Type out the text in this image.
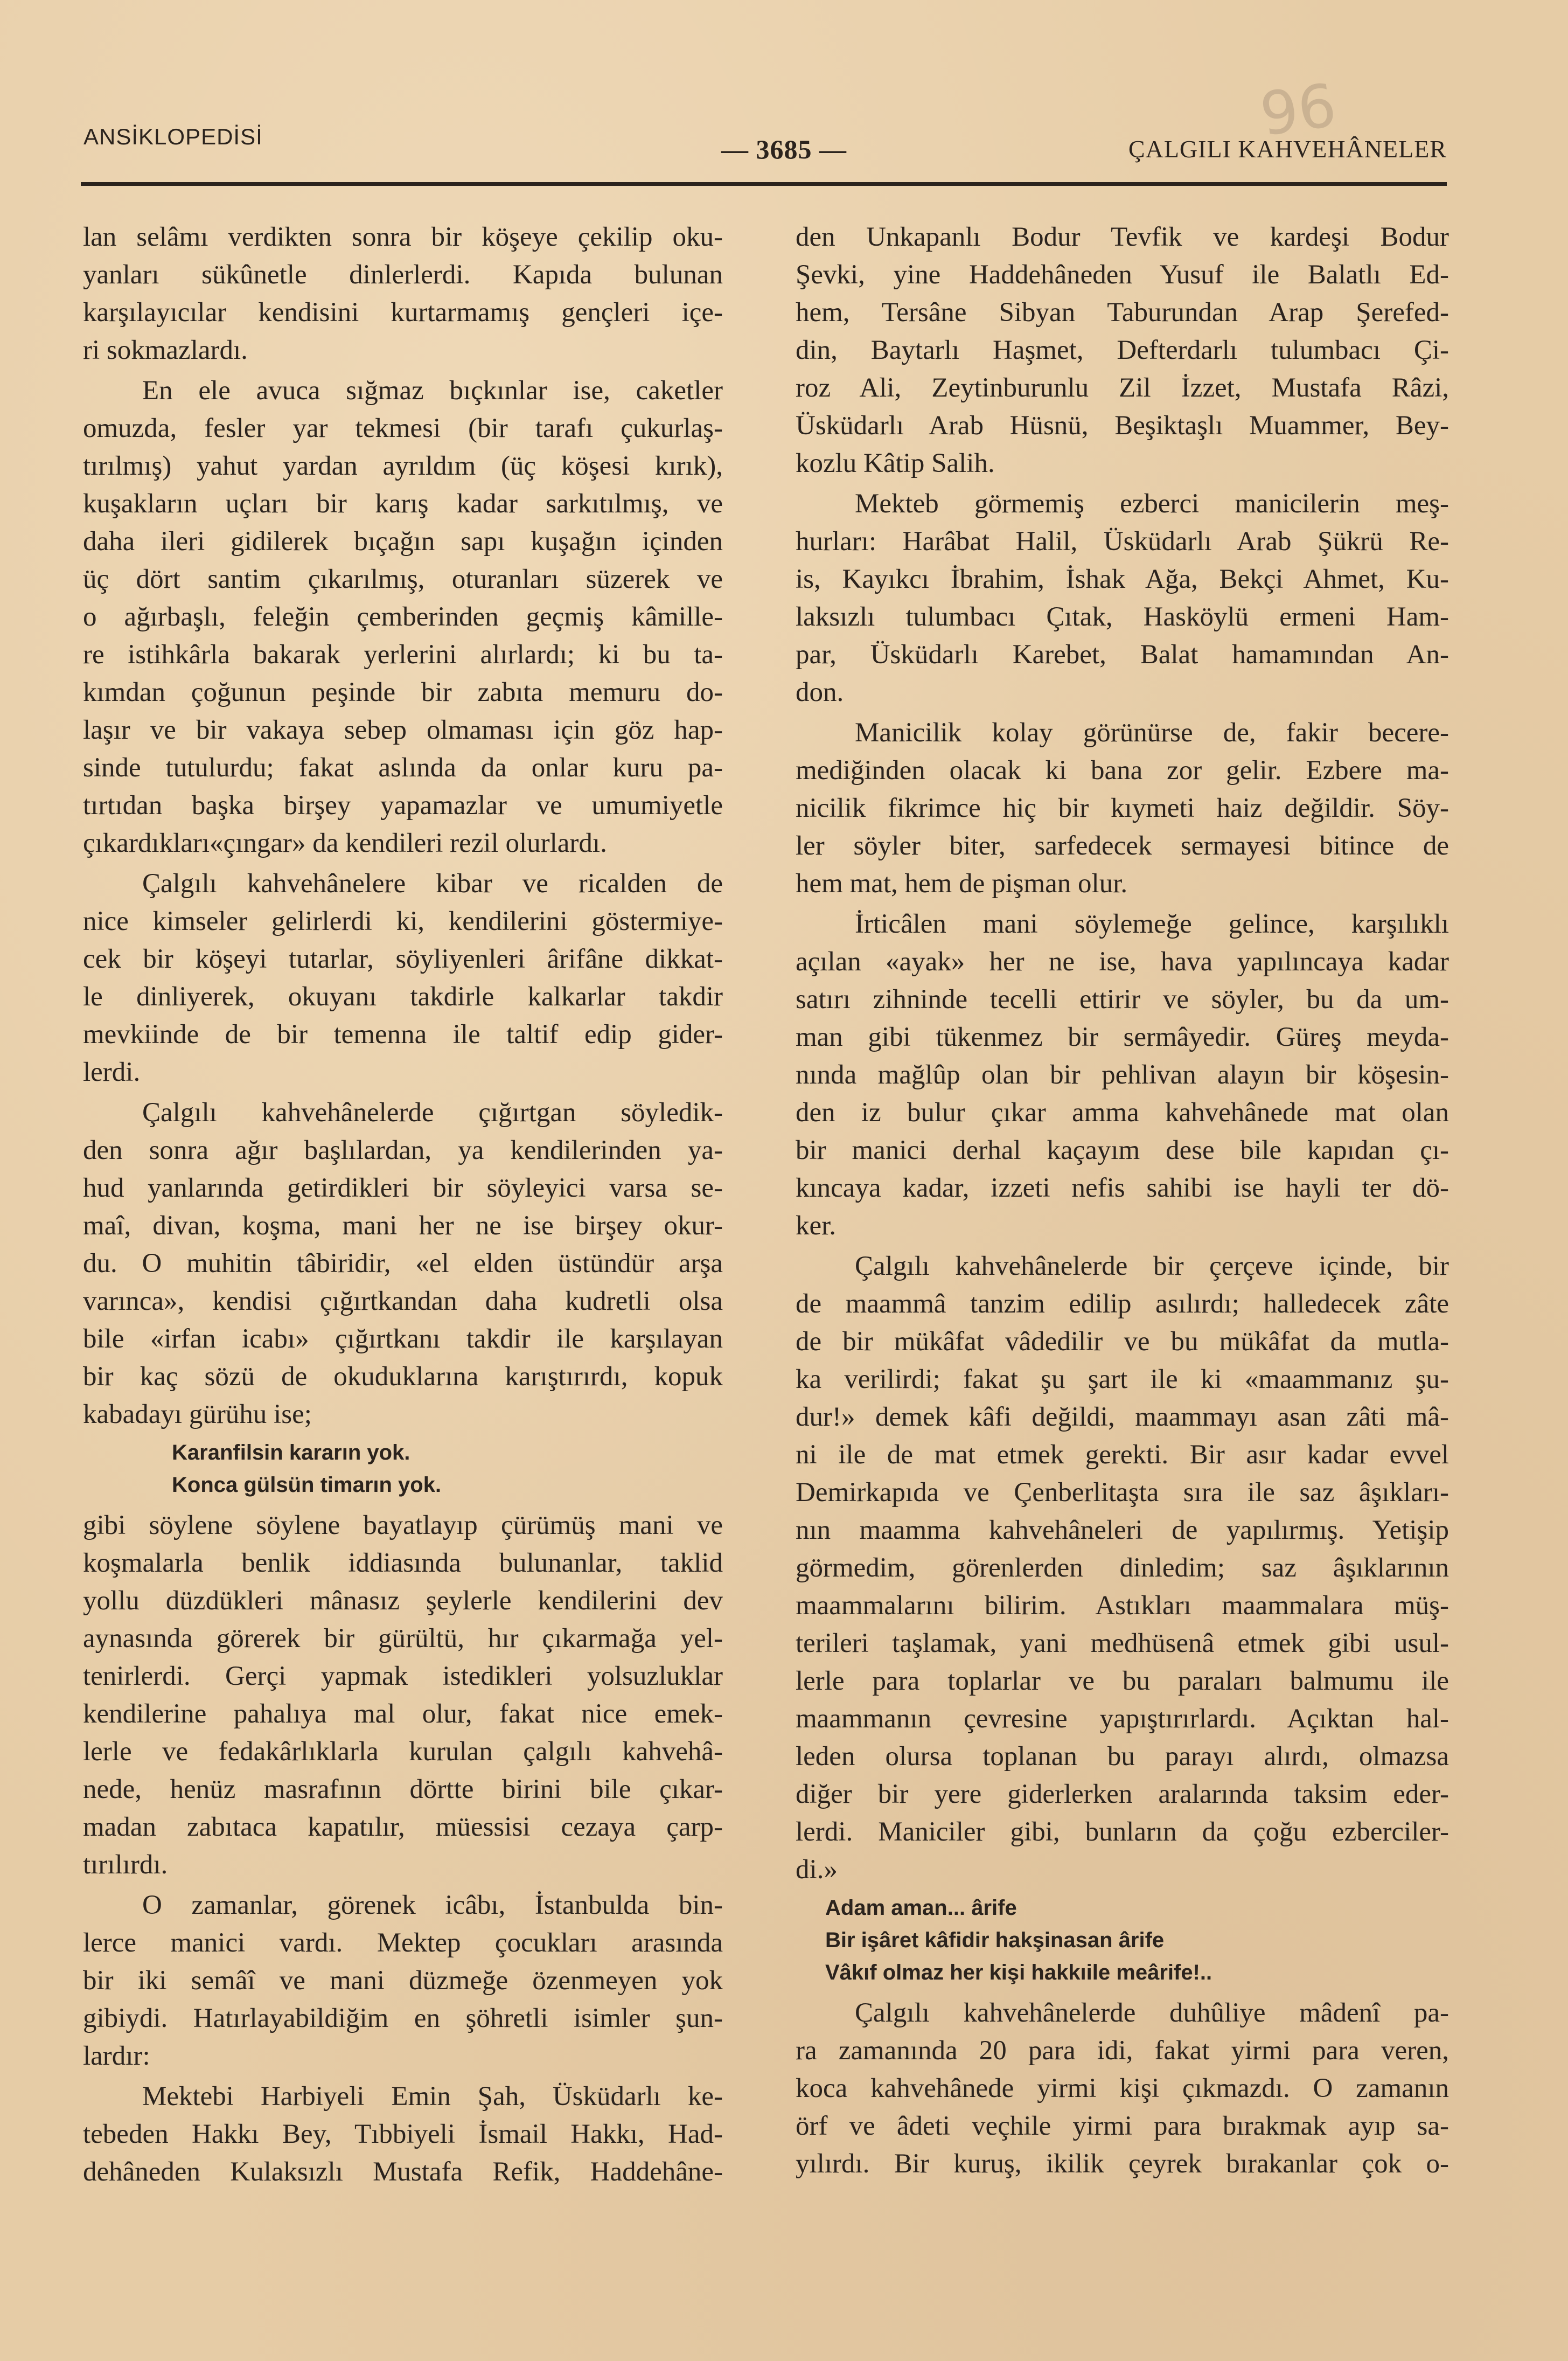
ANSİKLOPEDİSİ	— 3685 —	ÇALGILI KAHVEHÂNELER
96
lan selâmı verdikten sonra bir köşeye çekilip oku-
yanları sükûnetle dinlerlerdi. Kapıda bulunan
karşılayıcılar kendisini kurtarmamış gençleri içe-
ri sokmazlardı.
En ele avuca sığmaz bıçkınlar ise, caketler
omuzda, fesler yar tekmesi (bir tarafı çukurlaş-
tırılmış) yahut yardan ayrıldım (üç köşesi kırık),
kuşakların uçları bir karış kadar sarkıtılmış, ve
daha ileri gidilerek bıçağın sapı kuşağın içinden
üç dört santim çıkarılmış, oturanları süzerek ve
o ağırbaşlı, feleğin çemberinden geçmiş kâmille-
re istihkârla bakarak yerlerini alırlardı; ki bu ta-
kımdan çoğunun peşinde bir zabıta memuru do-
laşır ve bir vakaya sebep olmaması için göz hap-
sinde tutulurdu; fakat aslında da onlar kuru pa-
tırtıdan başka birşey yapamazlar ve umumiyetle
çıkardıkları«çıngar» da kendileri rezil olurlardı.
Çalgılı kahvehânelere kibar ve ricalden de
nice kimseler gelirlerdi ki, kendilerini göstermiye-
cek bir köşeyi tutarlar, söyliyenleri ârifâne dikkat-
le dinliyerek, okuyanı takdirle kalkarlar takdir
mevkiinde de bir temenna ile taltif edip gider-
lerdi.
Çalgılı kahvehânelerde çığırtgan söyledik-
den sonra ağır başlılardan, ya kendilerinden ya-
hud yanlarında getirdikleri bir söyleyici varsa se-
maî, divan, koşma, mani her ne ise birşey okur-
du. O muhitin tâbiridir, «el elden üstündür arşa
varınca», kendisi çığırtkandan daha kudretli olsa
bile «irfan icabı» çığırtkanı takdir ile karşılayan
bir kaç sözü de okuduklarına karıştırırdı, kopuk
kabadayı gürühu ise;
Karanfilsin kararın yok.
Konca gülsün timarın yok.
gibi söylene söylene bayatlayıp çürümüş mani ve
koşmalarla benlik iddiasında bulunanlar, taklid
yollu düzdükleri mânasız şeylerle kendilerini dev
aynasında görerek bir gürültü, hır çıkarmağa yel-
tenirlerdi. Gerçi yapmak istedikleri yolsuzluklar
kendilerine pahalıya mal olur, fakat nice emek-
lerle ve fedakârlıklarla kurulan çalgılı kahvehâ-
nede, henüz masrafının dörtte birini bile çıkar-
madan zabıtaca kapatılır, müessisi cezaya çarp-
tırılırdı.
O zamanlar, görenek icâbı, İstanbulda bin-
lerce manici vardı. Mektep çocukları arasında
bir iki semâî ve mani düzmeğe özenmeyen yok
gibiydi. Hatırlayabildiğim en şöhretli isimler şun-
lardır:
Mektebi Harbiyeli Emin Şah, Üsküdarlı ke-
tebeden Hakkı Bey, Tıbbiyeli İsmail Hakkı, Had-
dehâneden Kulaksızlı Mustafa Refik, Haddehâne-
den Unkapanlı Bodur Tevfik ve kardeşi Bodur
Şevki, yine Haddehâneden Yusuf ile Balatlı Ed-
hem, Tersâne Sibyan Taburundan Arap Şerefed-
din, Baytarlı Haşmet, Defterdarlı tulumbacı Çi-
roz Ali, Zeytinburunlu Zil İzzet, Mustafa Râzi,
Üsküdarlı Arab Hüsnü, Beşiktaşlı Muammer, Bey-
kozlu Kâtip Salih.
Mekteb görmemiş ezberci manicilerin meş-
hurları: Harâbat Halil, Üsküdarlı Arab Şükrü Re-
is, Kayıkcı İbrahim, İshak Ağa, Bekçi Ahmet, Ku-
laksızlı tulumbacı Çıtak, Hasköylü ermeni Ham-
par, Üsküdarlı Karebet, Balat hamamından An-
don.
Manicilik kolay görünürse de, fakir becere-
mediğinden olacak ki bana zor gelir. Ezbere ma-
nicilik fikrimce hiç bir kıymeti haiz değildir. Söy-
ler söyler biter, sarfedecek sermayesi bitince de
hem mat, hem de pişman olur.
İrticâlen mani söylemeğe gelince, karşılıklı
açılan «ayak» her ne ise, hava yapılıncaya kadar
satırı zihninde tecelli ettirir ve söyler, bu da um-
man gibi tükenmez bir sermâyedir. Güreş meyda-
nında mağlûp olan bir pehlivan alayın bir köşesin-
den iz bulur çıkar amma kahvehânede mat olan
bir manici derhal kaçayım dese bile kapıdan çı-
kıncaya kadar, izzeti nefis sahibi ise hayli ter dö-
ker.
Çalgılı kahvehânelerde bir çerçeve içinde, bir
de maammâ tanzim edilip asılırdı; halledecek zâte
de bir mükâfat vâdedilir ve bu mükâfat da mutla-
ka verilirdi; fakat şu şart ile ki «maammanız şu-
dur!» demek kâfi değildi, maammayı asan zâti mâ-
ni ile de mat etmek gerekti. Bir asır kadar evvel
Demirkapıda ve Çenberlitaşta sıra ile saz âşıkları-
nın maamma kahvehâneleri de yapılırmış. Yetişip
görmedim, görenlerden dinledim; saz âşıklarının
maammalarını bilirim. Astıkları maammalara müş-
terileri taşlamak, yani medhüsenâ etmek gibi usul-
lerle para toplarlar ve bu paraları balmumu ile
maammanın çevresine yapıştırırlardı. Açıktan hal-
leden olursa toplanan bu parayı alırdı, olmazsa
diğer bir yere giderlerken aralarında taksim eder-
lerdi. Maniciler gibi, bunların da çoğu ezberciler-
di.»
Adam aman... ârife
Bir işâret kâfidir hakşinasan ârife
Vâkıf olmaz her kişi hakkıile meârife!..
Çalgılı kahvehânelerde duhûliye mâdenî pa-
ra zamanında 20 para idi, fakat yirmi para veren,
koca kahvehânede yirmi kişi çıkmazdı. O zamanın
örf ve âdeti veçhile yirmi para bırakmak ayıp sa-
yılırdı. Bir kuruş, ikilik çeyrek bırakanlar çok o-
